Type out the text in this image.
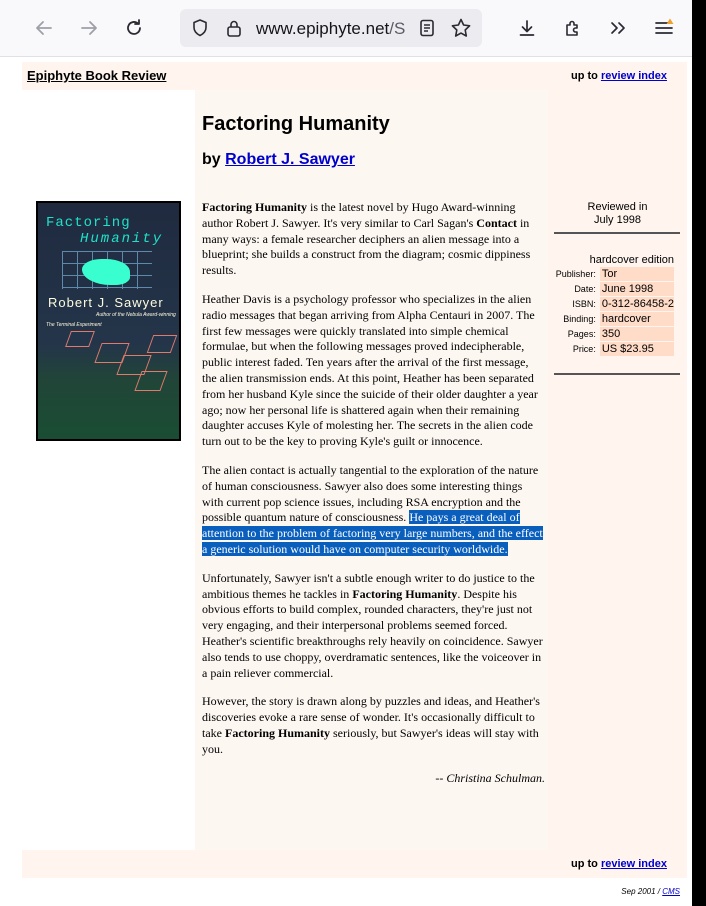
www.epiphyte.net/S
Epiphyte Book Review	up to review index
Factoring
Humanity
Robert J. Sawyer
Author of the Nebula Award-winning
The Terminal Experiment
Factoring Humanity
by Robert J. Sawyer

Factoring Humanity is the latest novel by Hugo Award-winning author Robert J. Sawyer. It's very similar to Carl Sagan's Contact in many ways: a female researcher deciphers an alien message into a blueprint; she builds a construct from the diagram; cosmic dippiness results.

Heather Davis is a psychology professor who specializes in the alien radio messages that began arriving from Alpha Centauri in 2007. The first few messages were quickly translated into simple chemical formulae, but when the following messages proved indecipherable, public interest faded. Ten years after the arrival of the first message, the alien transmission ends. At this point, Heather has been separated from her husband Kyle since the suicide of their older daughter a year ago; now her personal life is shattered again when their remaining daughter accuses Kyle of molesting her. The secrets in the alien code turn out to be the key to proving Kyle's guilt or innocence.

The alien contact is actually tangential to the exploration of the nature of human consciousness. Sawyer also does some interesting things with current pop science issues, including RSA encryption and the possible quantum nature of consciousness. He pays a great deal of attention to the problem of factoring very large numbers, and the effect a generic solution would have on computer security worldwide.

Unfortunately, Sawyer isn't a subtle enough writer to do justice to the ambitious themes he tackles in Factoring Humanity. Despite his obvious efforts to build complex, rounded characters, they're just not very engaging, and their interpersonal problems seemed forced. Heather's scientific breakthroughs rely heavily on coincidence. Sawyer also tends to use choppy, overdramatic sentences, like the voiceover in a pain reliever commercial.

However, the story is drawn along by puzzles and ideas, and Heather's discoveries evoke a rare sense of wonder. It's occasionally difficult to take Factoring Humanity seriously, but Sawyer's ideas will stay with you.

-- Christina Schulman.
Reviewed in
July 1998
hardcover edition
Publisher:	Tor
Date:	June 1998
ISBN:	0-312-86458-2
Binding:	hardcover
Pages:	350
Price:	US $23.95
up to review index
Sep 2001 / CMS
